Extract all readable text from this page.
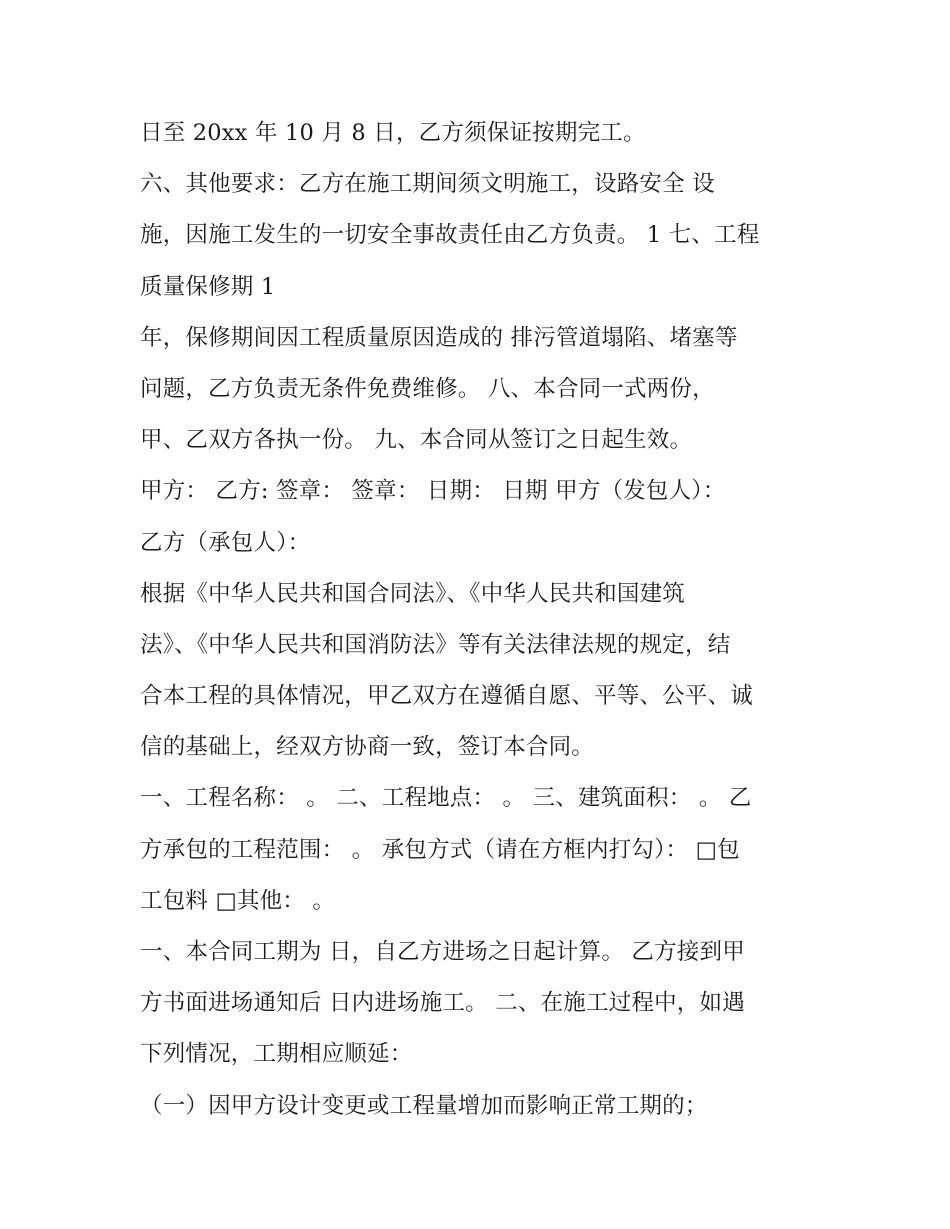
日至 20xx 年 10 月 8 日，乙方须保证按期完工。
六、其他要求：乙方在施工期间须文明施工，设路安全 设
施，因施工发生的一切安全事故责任由乙方负责。 1 七、工程
质量保修期 1
年，保修期间因工程质量原因造成的 排污管道塌陷、堵塞等
问题，乙方负责无条件免费维修。 八、本合同一式两份，
甲、乙双方各执一份。 九、本合同从签订之日起生效。
甲方： 乙方: 签章： 签章： 日期： 日期 甲方（发包人）：
乙方（承包人）：
根据《中华人民共和国合同法》、《中华人民共和国建筑
法》、《中华人民共和国消防法》等有关法律法规的规定，结
合本工程的具体情况，甲乙双方在遵循自愿、平等、公平、诚
信的基础上，经双方协商一致，签订本合同。
一、工程名称： 。 二、工程地点： 。 三、建筑面积： 。 乙
方承包的工程范围： 。 承包方式（请在方框内打勾）： □包
工包料 □其他： 。
一、本合同工期为 日，自乙方进场之日起计算。 乙方接到甲
方书面进场通知后 日内进场施工。 二、在施工过程中，如遇
下列情况，工期相应顺延：
（一）因甲方设计变更或工程量增加而影响正常工期的；
